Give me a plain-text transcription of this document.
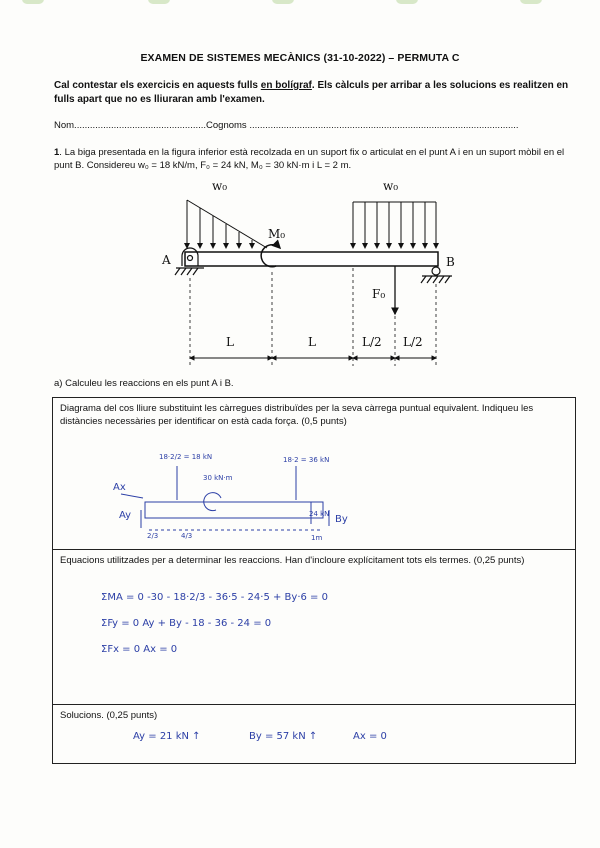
EXAMEN DE SISTEMES MECÀNICS (31-10-2022) – PERMUTA C
Cal contestar els exercicis en aquests fulls en bolígraf. Els càlculs per arribar a les solucions es realitzen en fulls apart que no es lliuraran amb l'examen.
Nom..................................................Cognoms ......................................................................................................
1. La biga presentada en la figura inferior està recolzada en un suport fix o articulat en el punt A i en un suport mòbil en el punt B. Considereu w₀ = 18 kN/m, F₀ = 24 kN, M₀ = 30 kN·m i L = 2 m.
w₀	w₀
M₀
A	B
F₀
L	L	L/2 L/2
a) Calculeu les reaccions en els punt A i B.
Diagrama del cos lliure substituint les càrregues distribuïdes per la seva càrrega puntual equivalent. Indiqueu les distàncies necessàries per identificar on està cada força. (0,5 punts)
18·2/2 = 18 kN	18·2 = 36 kN
30 kN·m
24 kN
Ax
Ay	By
2/3	4/3	1m
Equacions utilitzades per a determinar les reaccions. Han d'incloure explícitament tots els termes. (0,25 punts)
ΣMA = 0 -30 - 18·2/3 - 36·5 - 24·5 + By·6 = 0
ΣFy = 0 Ay + By - 18 - 36 - 24 = 0
ΣFx = 0 Ax = 0
Solucions. (0,25 punts)
Ay = 21 kN ↑	By = 57 kN ↑	Ax = 0
